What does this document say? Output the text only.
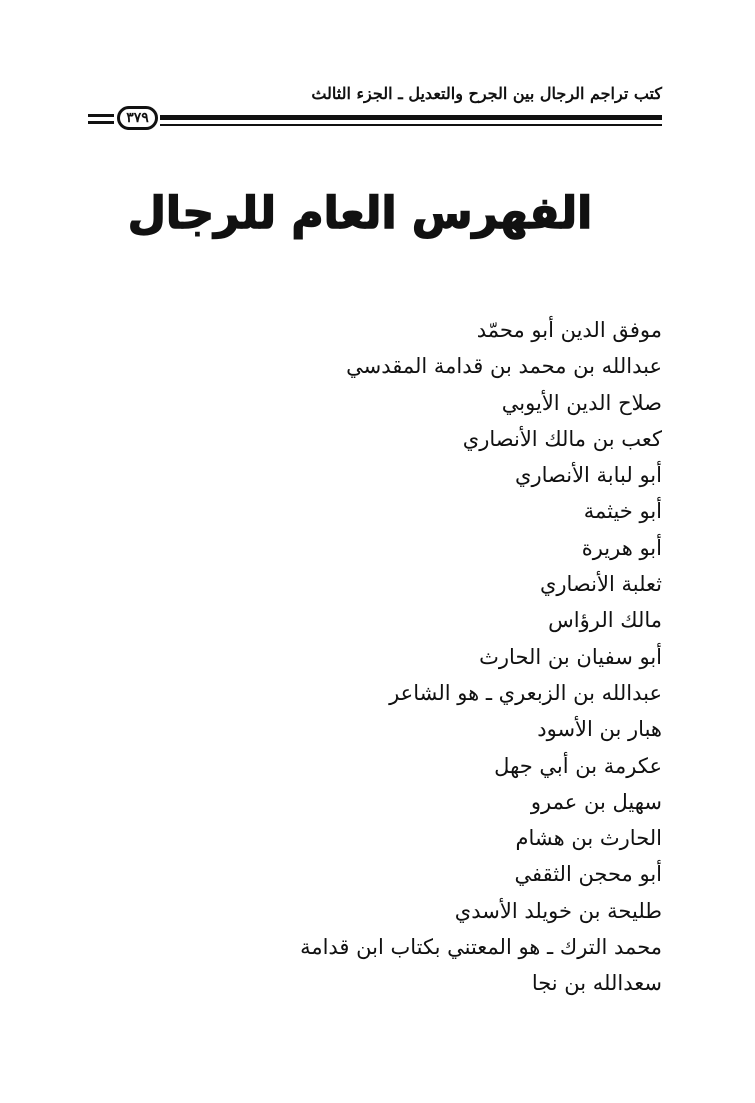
كتب تراجم الرجال بين الجرح والتعديل ـ الجزء الثالث
٣٧٩
الفهرس العام للرجال
موفق الدين أبو محمّد
عبدالله بن محمد بن قدامة المقدسي
صلاح الدين الأيوبي
كعب بن مالك الأنصاري
أبو لبابة الأنصاري
أبو خيثمة
أبو هريرة
ثعلبة الأنصاري
مالك الرؤاس
أبو سفيان بن الحارث
عبدالله بن الزبعري ـ هو الشاعر
هبار بن الأسود
عكرمة بن أبي جهل
سهيل بن عمرو
الحارث بن هشام
أبو محجن الثقفي
طليحة بن خويلد الأسدي
محمد الترك ـ هو المعتني بكتاب ابن قدامة
سعدالله بن نجا
